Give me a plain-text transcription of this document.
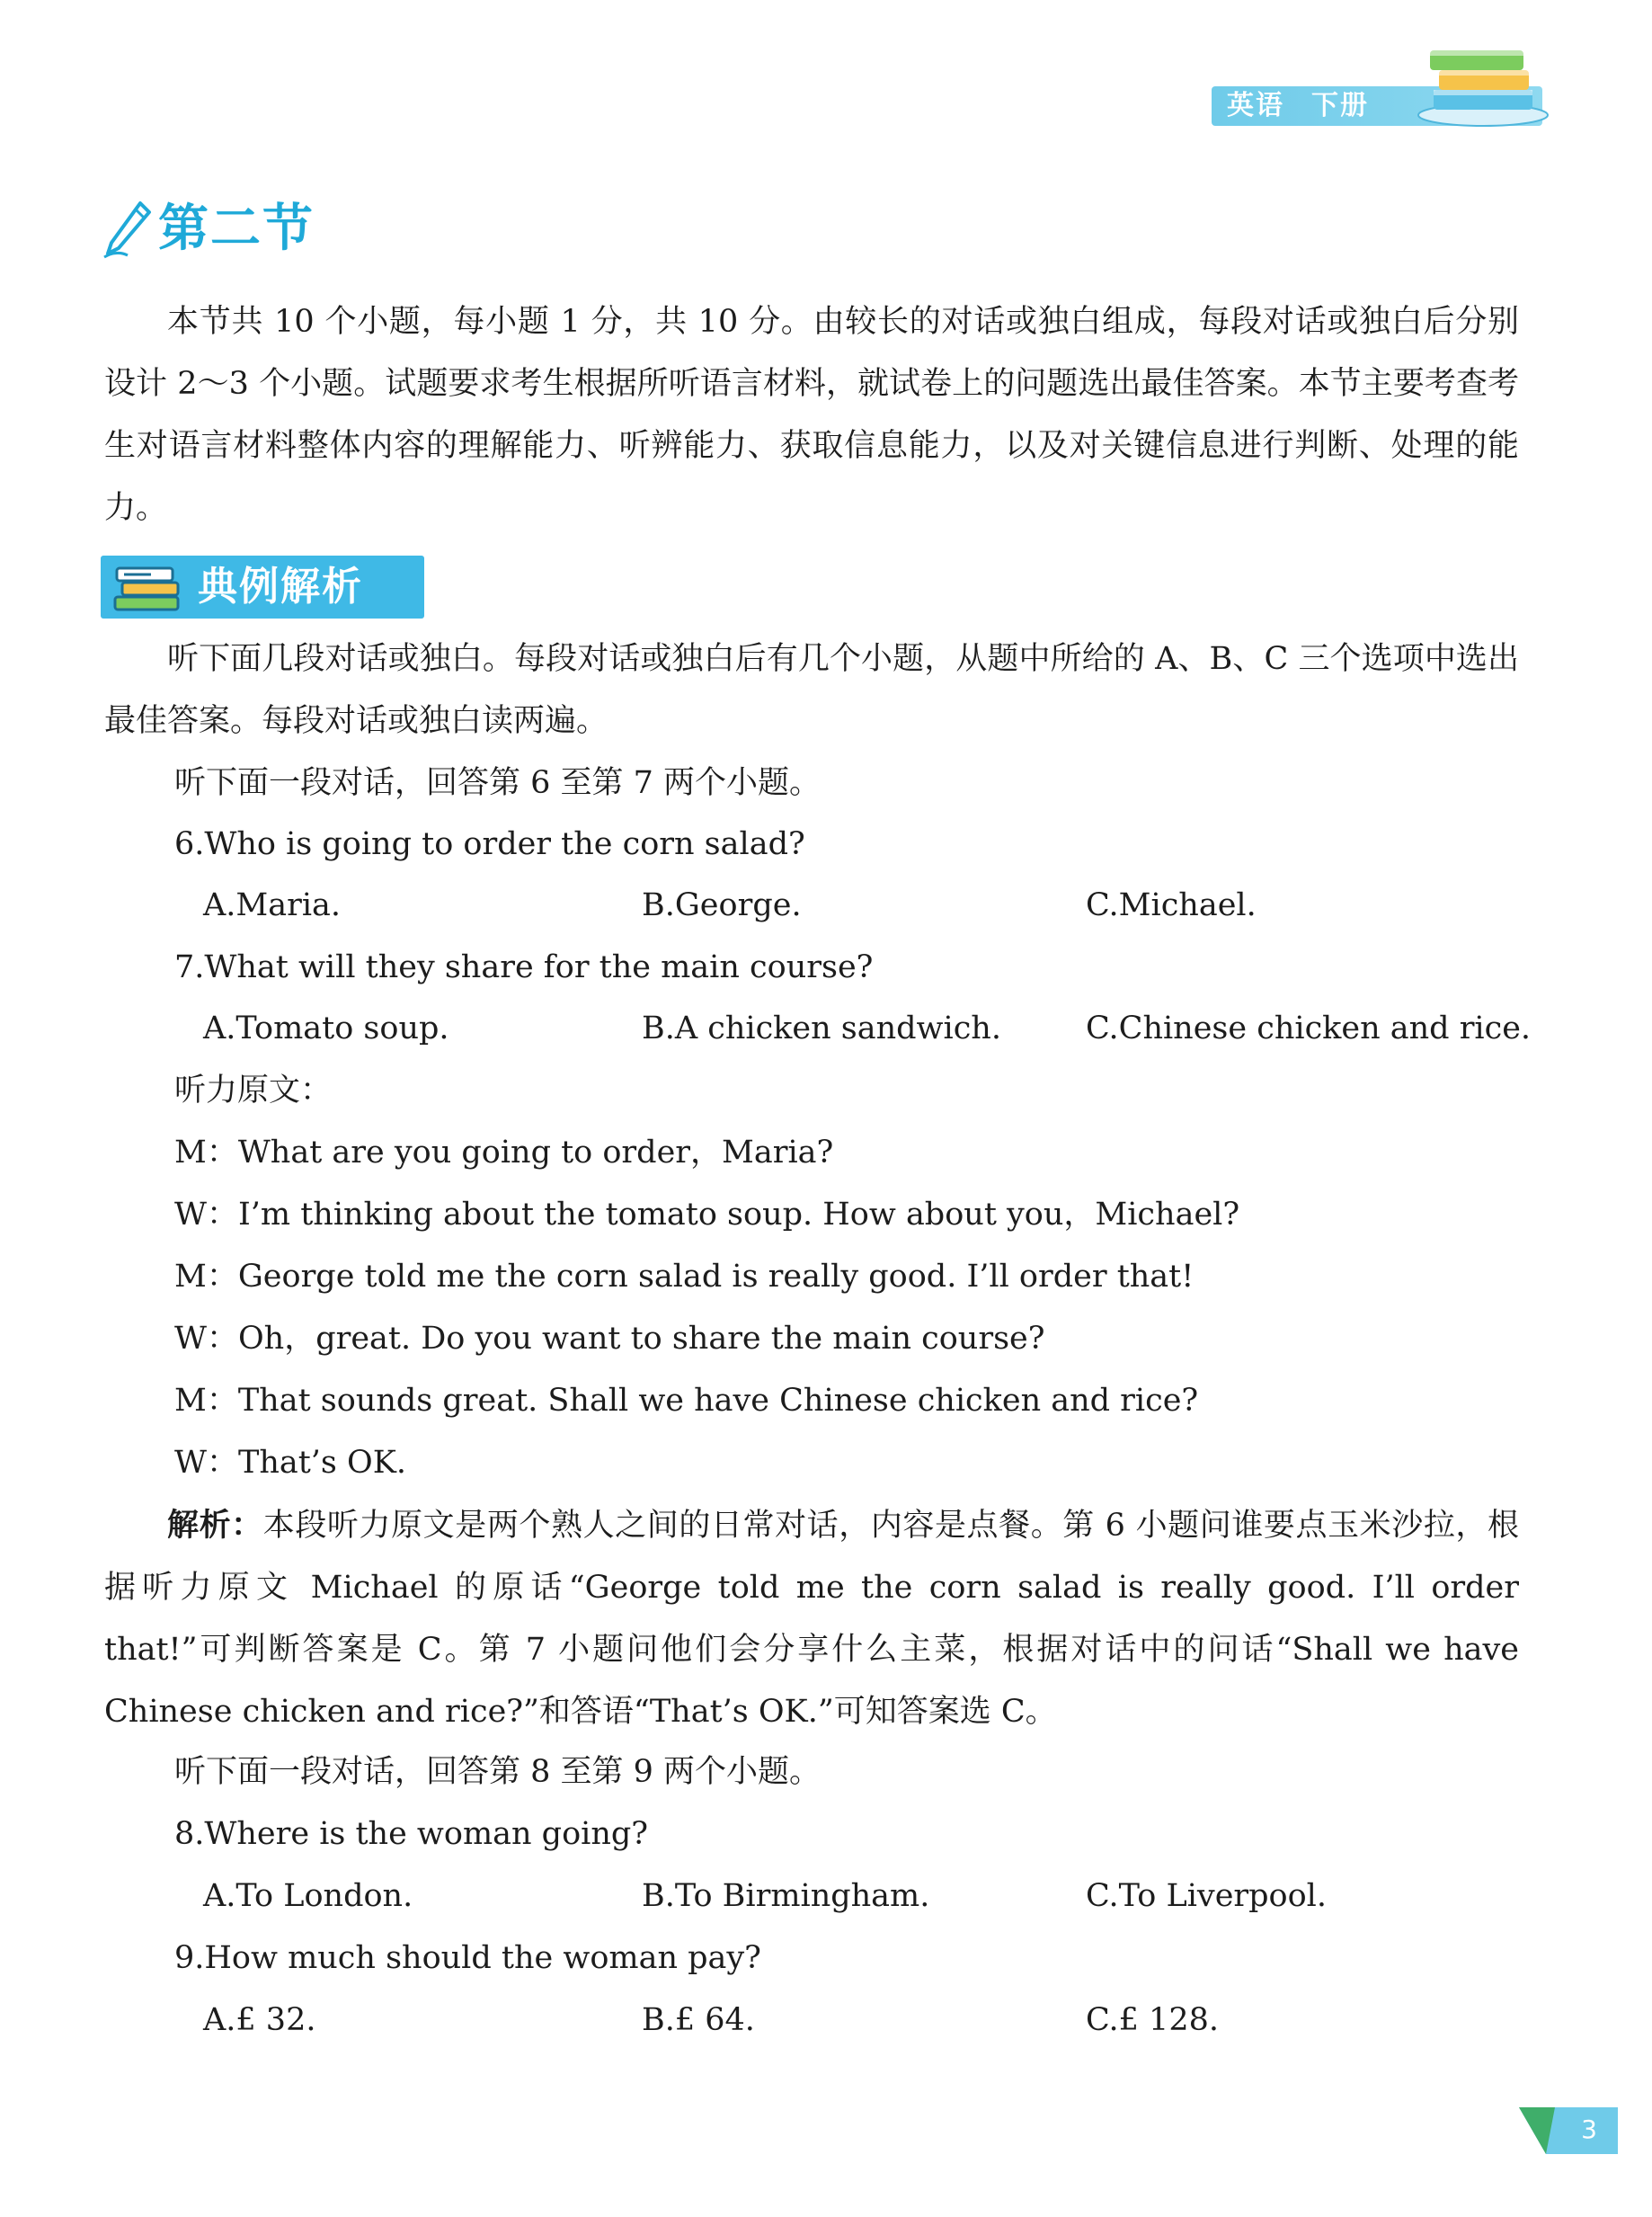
英语 下册
第二节
本节共 10 个小题，每小题 1 分，共 10 分。由较长的对话或独白组成，每段对话或独白后分别设计 2～3 个小题。试题要求考生根据所听语言材料，就试卷上的问题选出最佳答案。本节主要考查考生对语言材料整体内容的理解能力、听辨能力、获取信息能力，以及对关键信息进行判断、处理的能力。
典例解析
听下面几段对话或独白。每段对话或独白后有几个小题，从题中所给的 A、B、C 三个选项中选出最佳答案。每段对话或独白读两遍。
听下面一段对话，回答第 6 至第 7 两个小题。
6.Who is going to order the corn salad?
A.Maria.	B.George.	C.Michael.
7.What will they share for the main course?
A.Tomato soup.	B.A chicken sandwich.	C.Chinese chicken and rice.
听力原文：
M：What are you going to order，Maria?
W：I’m thinking about the tomato soup. How about you，Michael?
M：George told me the corn salad is really good. I’ll order that!
W：Oh，great. Do you want to share the main course?
M：That sounds great. Shall we have Chinese chicken and rice?
W：That’s OK.
解析：本段听力原文是两个熟人之间的日常对话，内容是点餐。第 6 小题问谁要点玉米沙拉，根据听力原文 Michael 的原话“George told me the corn salad is really good. I’ll order that!”可判断答案是 C。第 7 小题问他们会分享什么主菜，根据对话中的问话“Shall we have Chinese chicken and rice?”和答语“That’s OK.”可知答案选 C。
听下面一段对话，回答第 8 至第 9 两个小题。
8.Where is the woman going?
A.To London.	B.To Birmingham.	C.To Liverpool.
9.How much should the woman pay?
A.£ 32.	B.£ 64.	C.£ 128.
3
